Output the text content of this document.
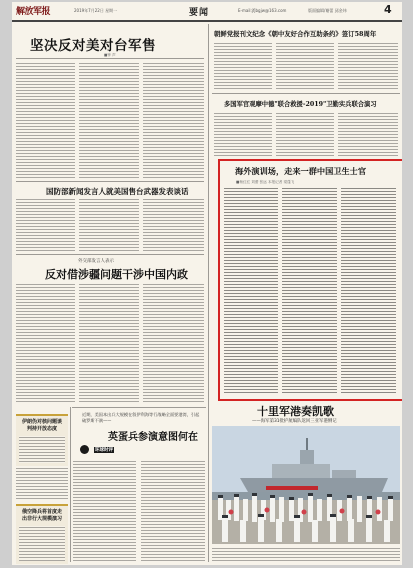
解放军报	2019年7月22日 星期一	要闻	E-mail:jfjbgjw@163.com	版面编辑/谢蕾 邱金炜	4
坚决反对美对台军售
■钟 声
国防部新闻发言人就美国售台武器发表谈话
外交部发言人表示
反对借涉疆问题干涉中国内政
伊朗伪对核问题谈判持开放态度
俄空降兵将首度走出非行大规模演习
近期，美国本出兵大规模在叙伊利海等行战略全面要港湾，引起破罗斯不满——
英蛋兵参演意图何在
环球时评
朝鲜党报刊文纪念《朝中友好合作互助条约》签订58周年
多国军官观摩中德"联合救援-2019"卫勤实兵联合演习
海外演训场，走来一群中国卫生士官
■杨红红 刘蕾 张远 本报记者 梁蓬飞
十里军港奏凯歌
——海军第31批护航编队返回三亚军港侧记
